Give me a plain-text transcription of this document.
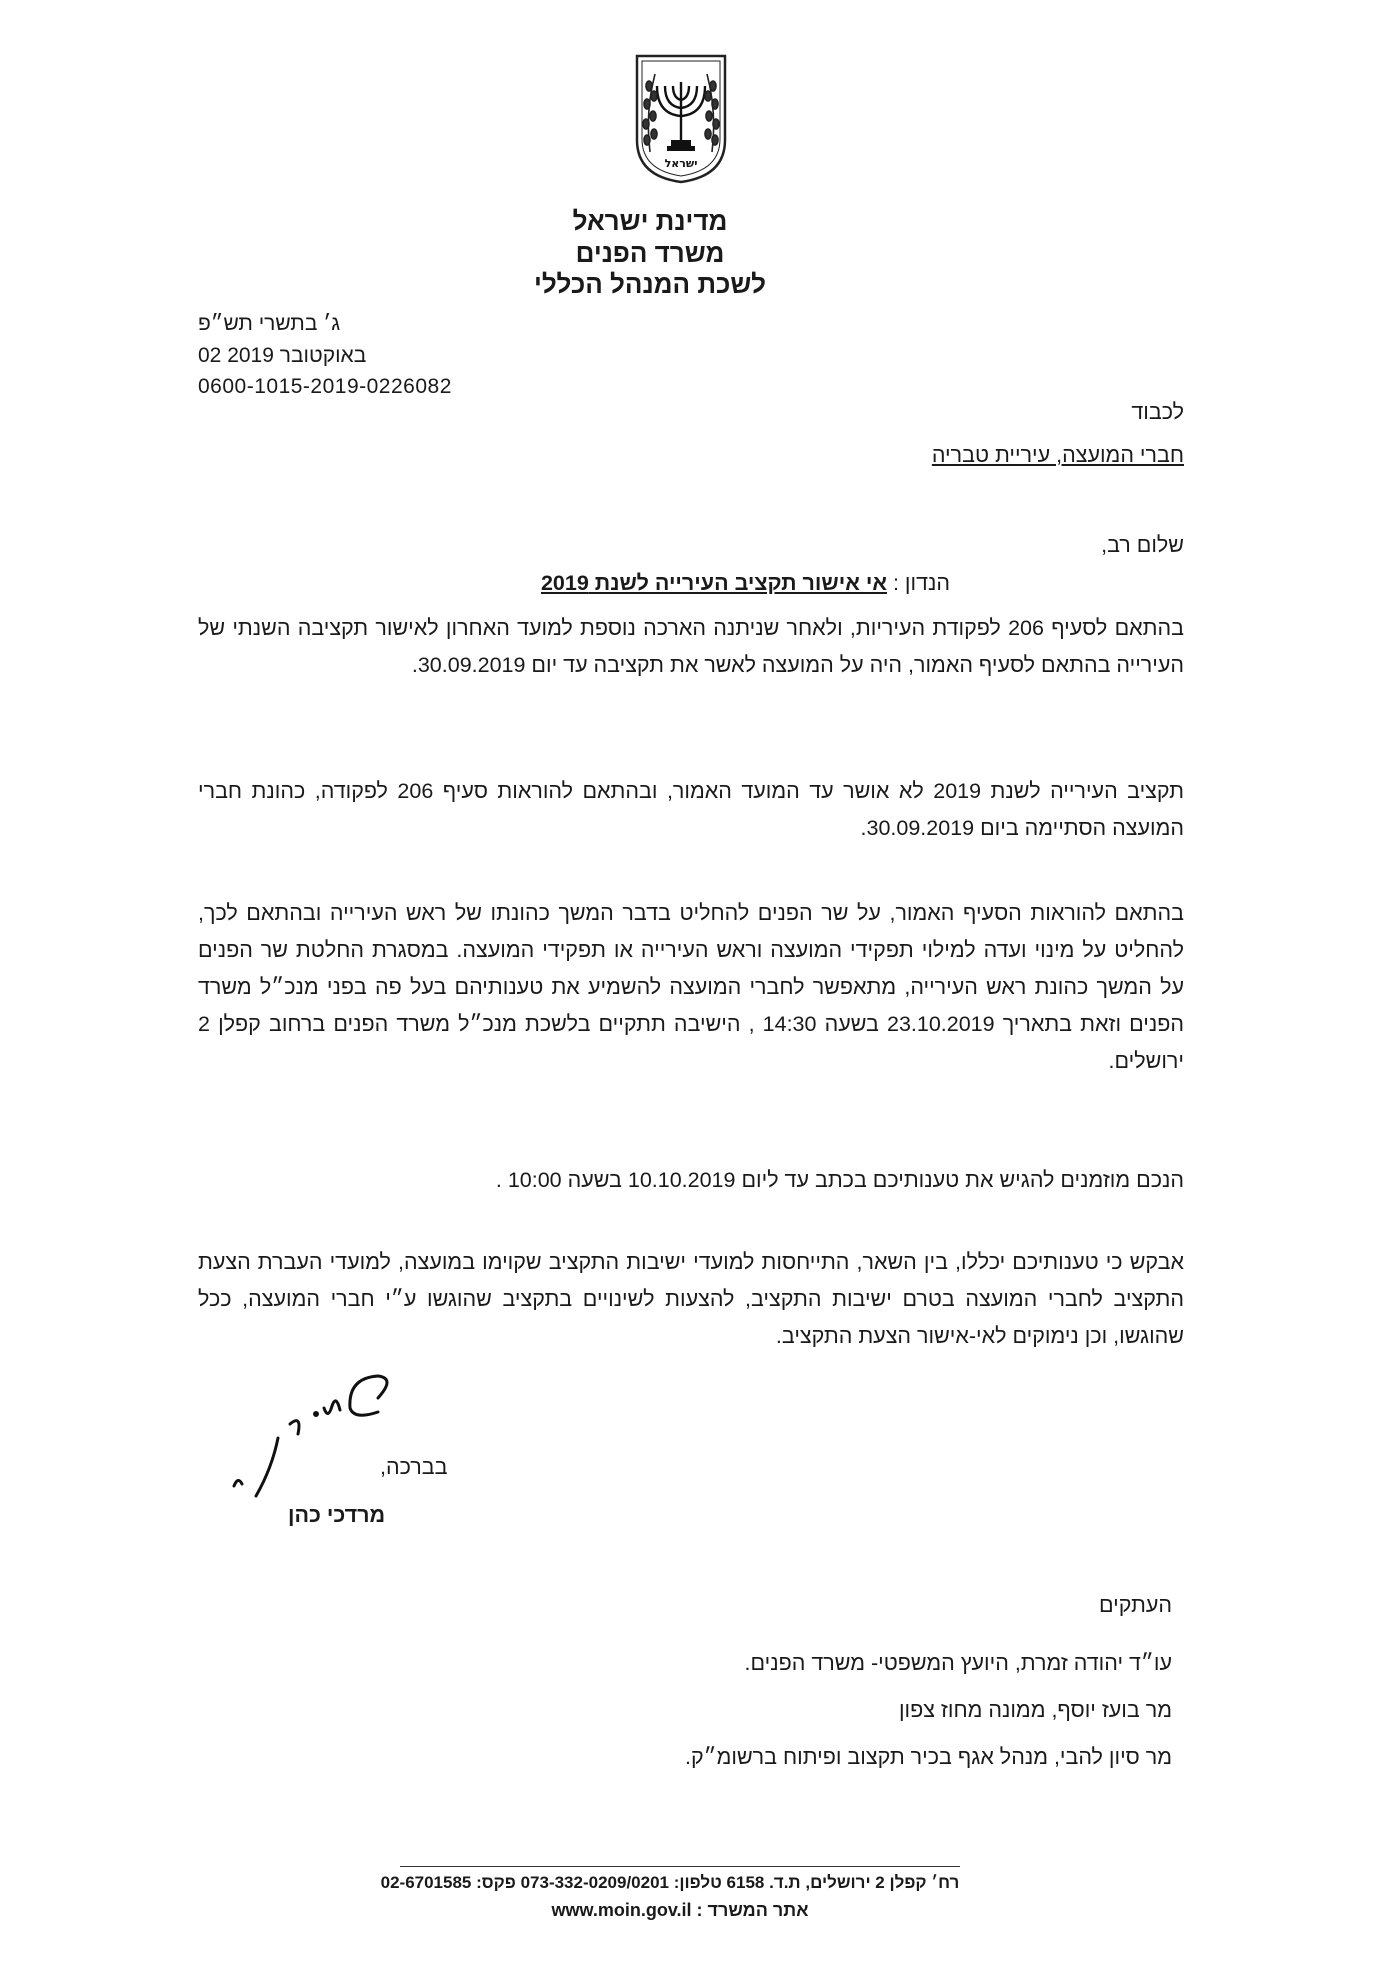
ישראל
מדינת ישראל
משרד הפנים
לשכת המנהל הכללי
ג׳ בתשרי תש״פ
02 באוקטובר 2019
0600-1015-2019-0226082
לכבוד
חברי המועצה, עיריית טבריה
שלום רב,
הנדון : אי אישור תקציב העירייה לשנת 2019

בהתאם לסעיף 206 לפקודת העיריות, ולאחר שניתנה הארכה נוספת למועד האחרון לאישור תקציבה השנתי של העירייה בהתאם לסעיף האמור, היה על המועצה לאשר את תקציבה עד יום 30.09.2019.

תקציב העירייה לשנת 2019 לא אושר עד המועד האמור, ובהתאם להוראות סעיף 206 לפקודה, כהונת חברי המועצה הסתיימה ביום 30.09.2019.

בהתאם להוראות הסעיף האמור, על שר הפנים להחליט בדבר המשך כהונתו של ראש העירייה ובהתאם לכך, להחליט על מינוי ועדה למילוי תפקידי המועצה וראש העירייה או תפקידי המועצה. במסגרת החלטת שר הפנים על המשך כהונת ראש העירייה, מתאפשר לחברי המועצה להשמיע את טענותיהם בעל פה בפני מנכ״ל משרד הפנים וזאת בתאריך 23.10.2019 בשעה 14:30 , הישיבה תתקיים בלשכת מנכ״ל משרד הפנים ברחוב קפלן 2 ירושלים.

הנכם מוזמנים להגיש את טענותיכם בכתב עד ליום 10.10.2019 בשעה 10:00 .

אבקש כי טענותיכם יכללו, בין השאר, התייחסות למועדי ישיבות התקציב שקוימו במועצה, למועדי העברת הצעת התקציב לחברי המועצה בטרם ישיבות התקציב, להצעות לשינויים בתקציב שהוגשו ע״י חברי המועצה, ככל שהוגשו, וכן נימוקים לאי-אישור הצעת התקציב.

בברכה,
מרדכי כהן
העתקים
עו״ד יהודה זמרת, היועץ המשפטי- משרד הפנים.
מר בועז יוסף, ממונה מחוז צפון
מר סיון להבי, מנהל אגף בכיר תקצוב ופיתוח ברשומ״ק.
רח׳ קפלן 2 ירושלים, ת.ד. 6158 טלפון: 073-332-0209/0201 פקס: 02-6701585
אתר המשרד : www.moin.gov.il
